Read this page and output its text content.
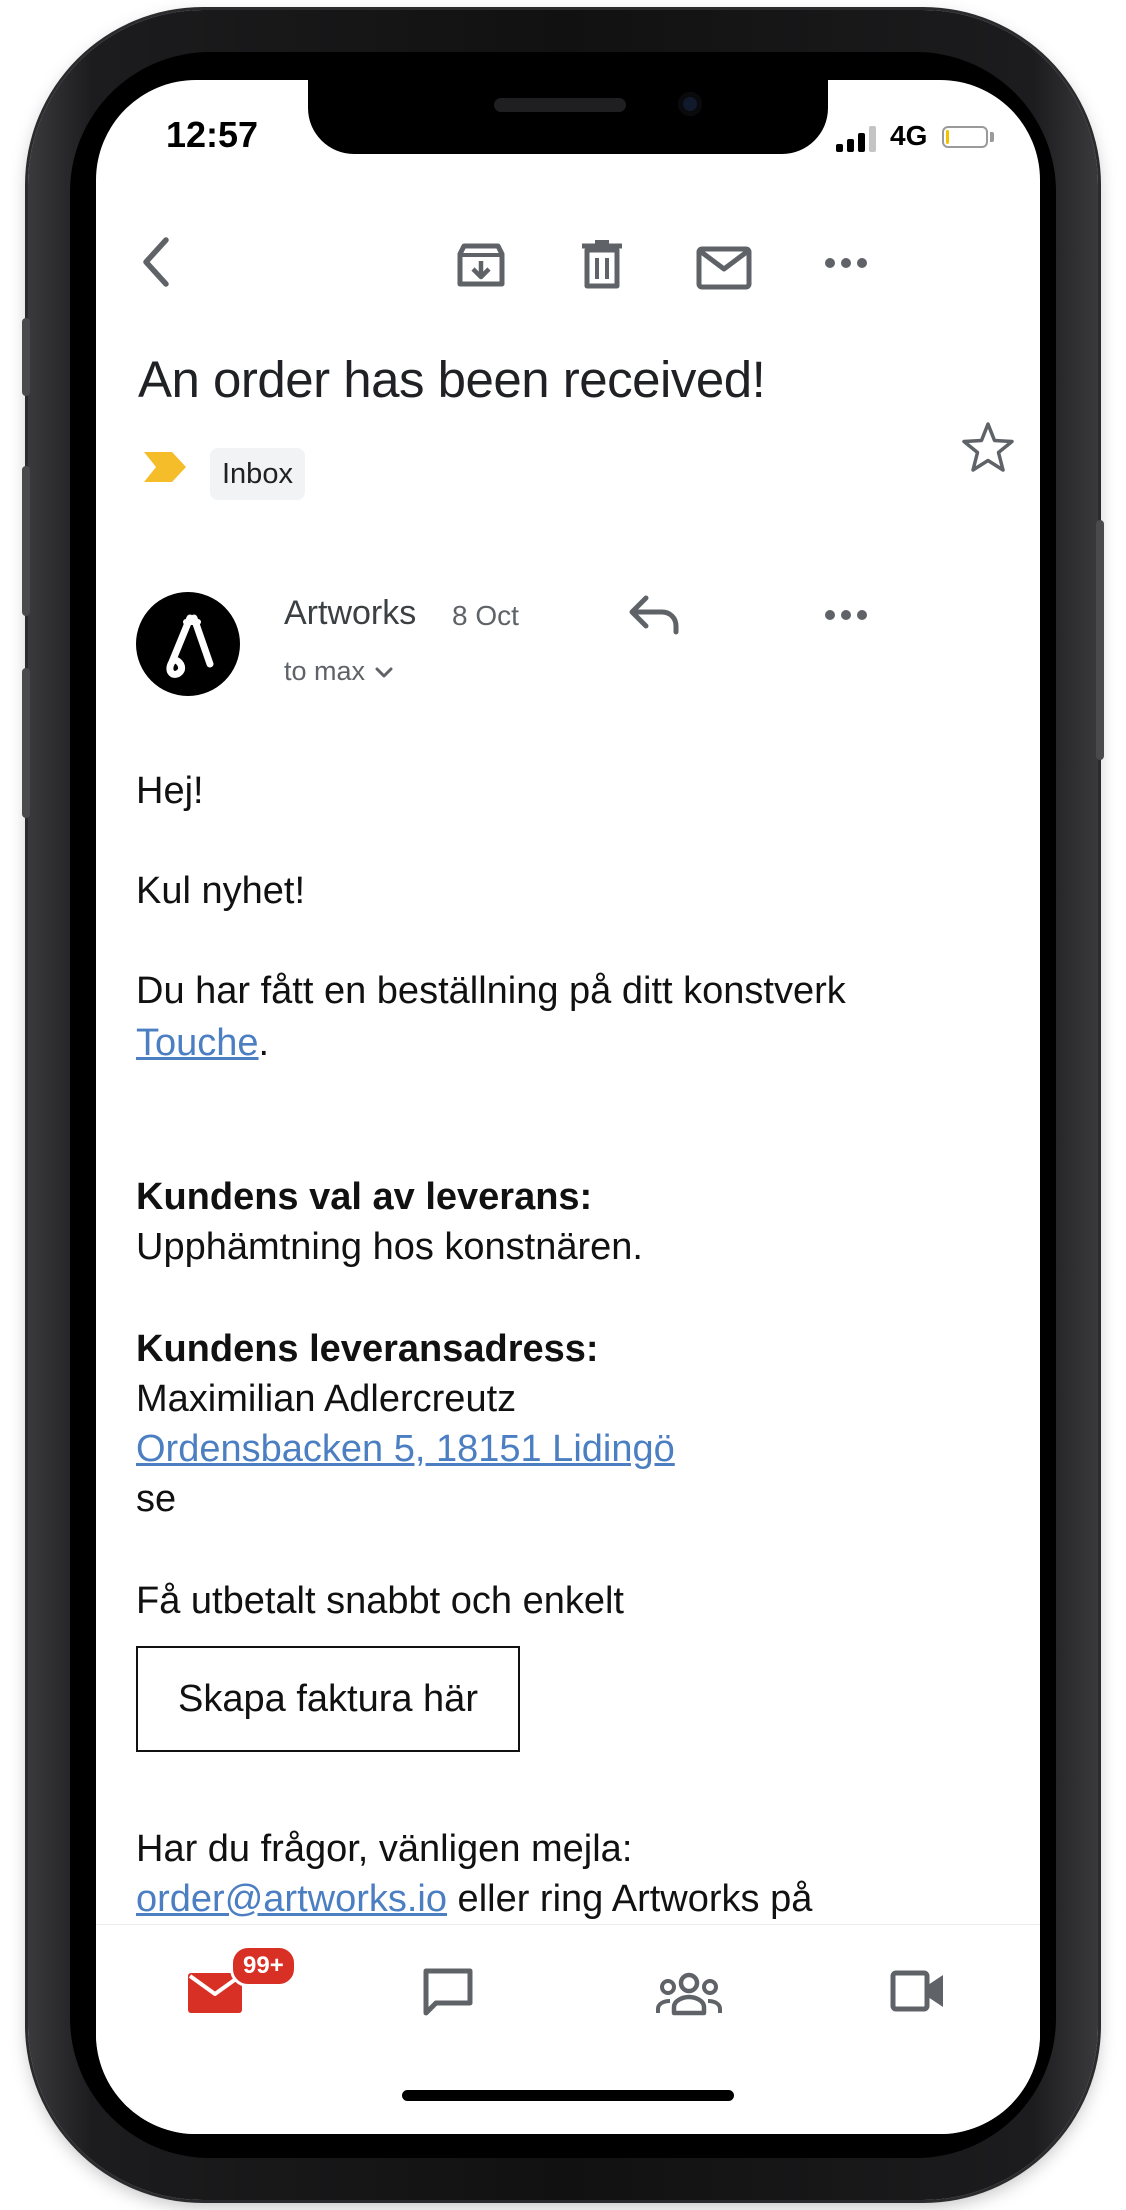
12:57	4G
An order has been received!
Inbox
Artworks 8 Oct
to max
Hej!
Kul nyhet!
Du har fått en beställning på ditt konstverk
Touche.
Kundens val av leverans:
Upphämtning hos konstnären.
Kundens leveransadress:
Maximilian Adlercreutz
Ordensbacken 5, 18151 Lidingö
se
Få utbetalt snabbt och enkelt
Skapa faktura här
Har du frågor, vänligen mejla:
order@artworks.io eller ring Artworks på
99+
